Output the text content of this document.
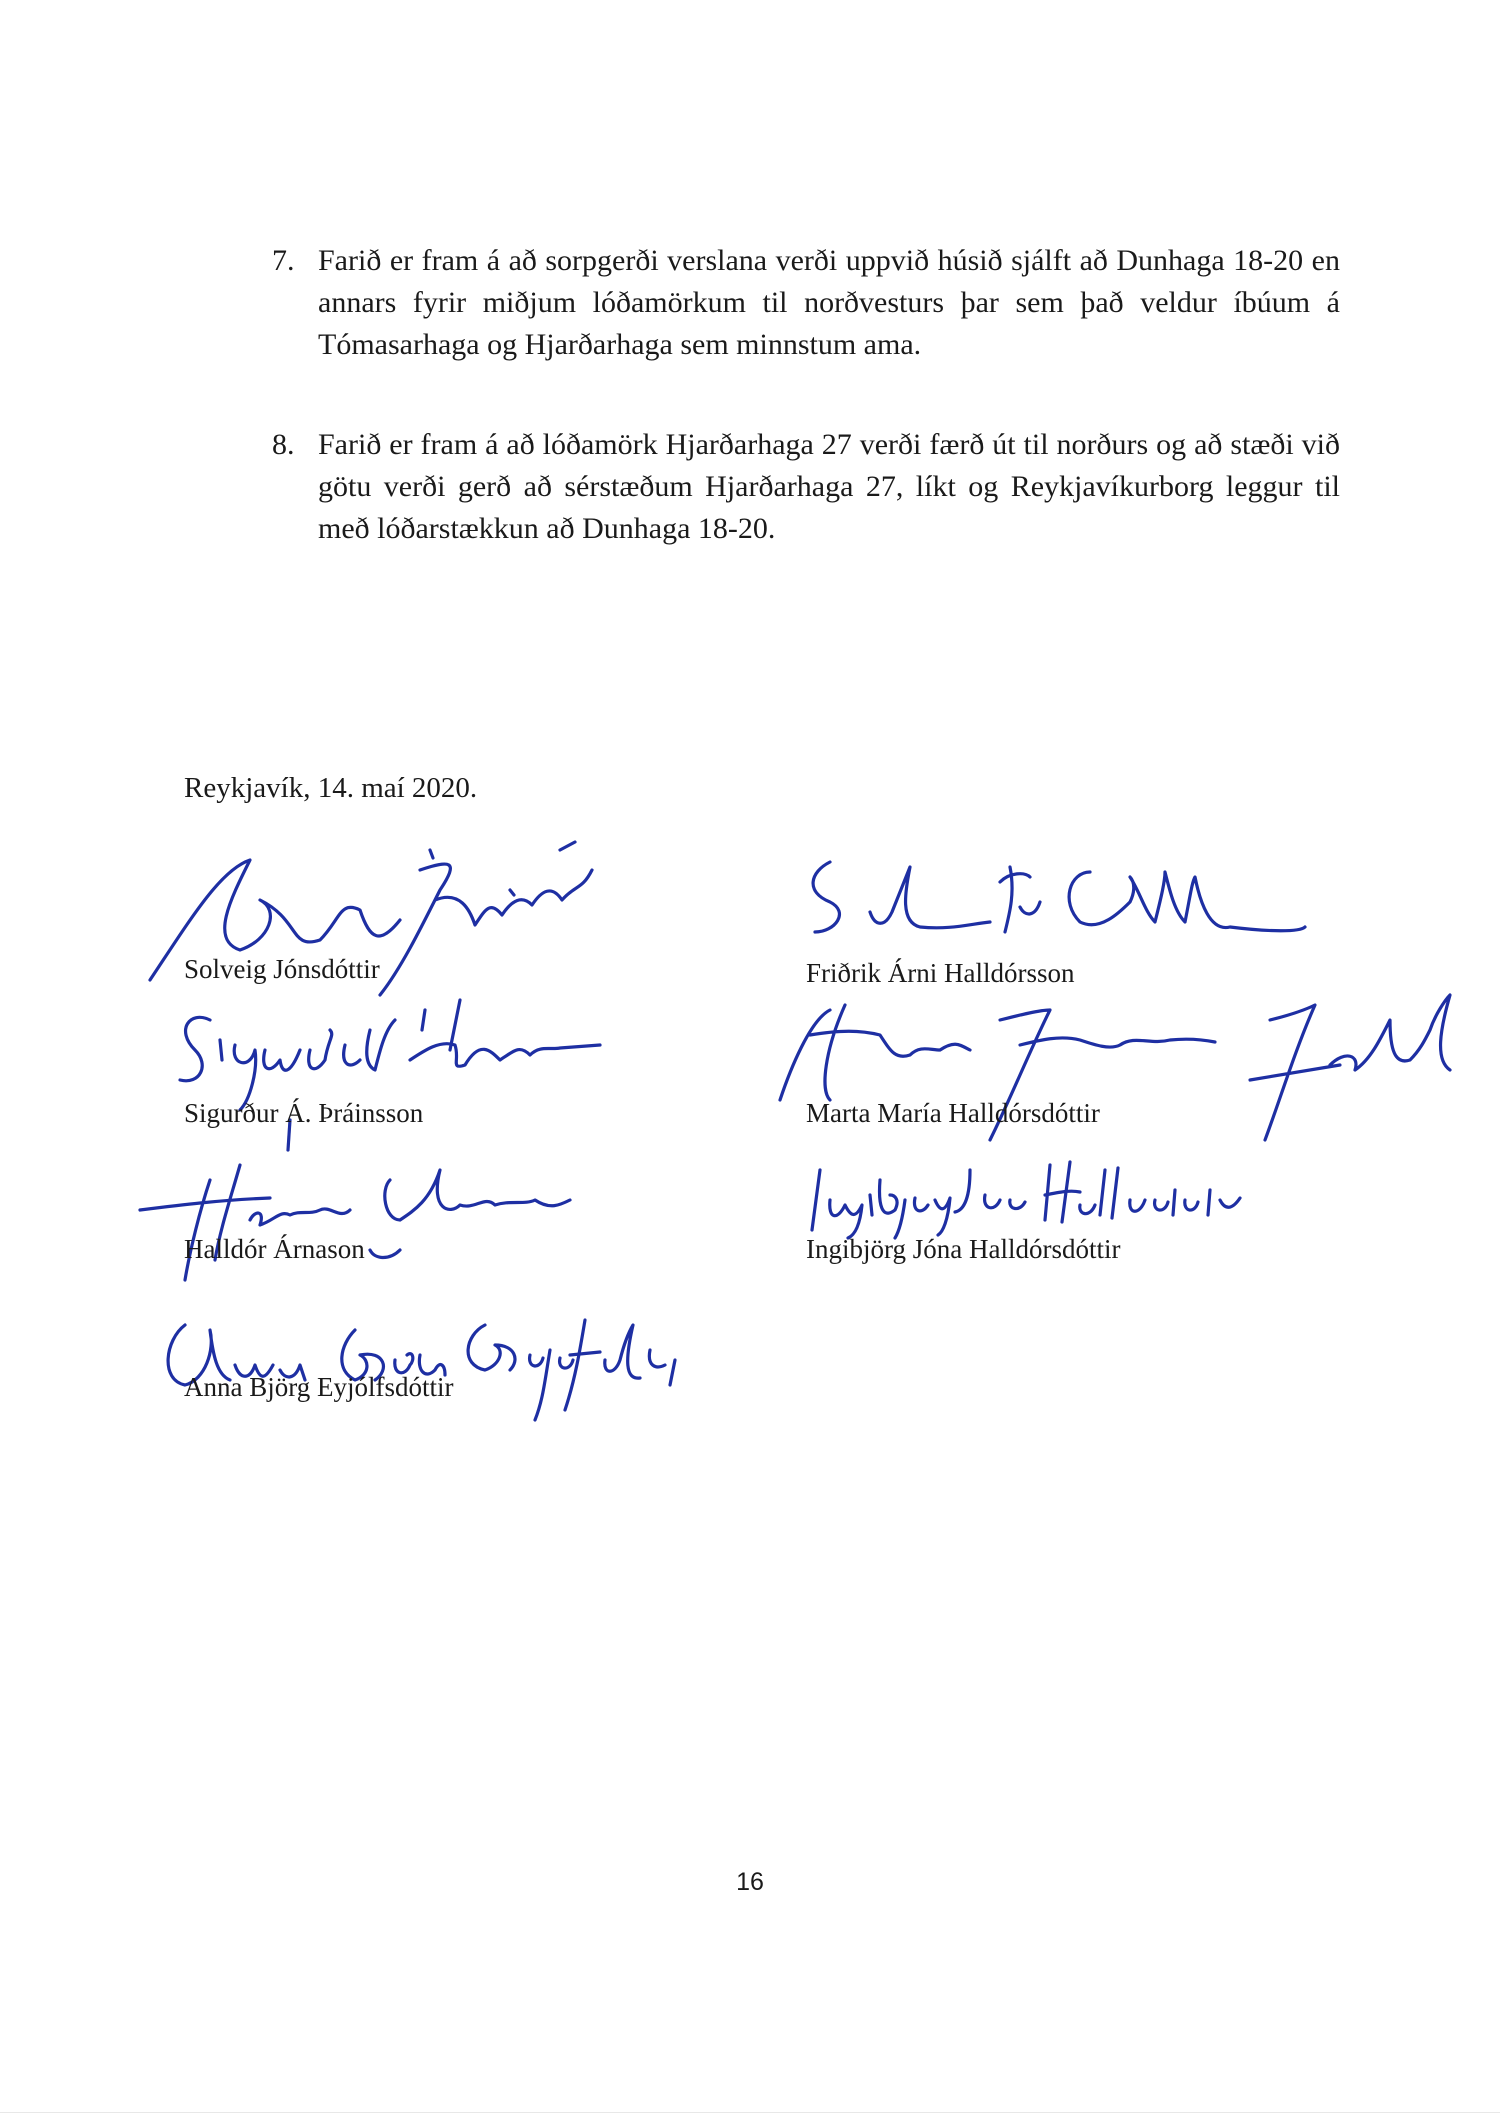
7. Farið er fram á að sorpgerði verslana verði uppvið húsið sjálft að Dunhaga 18-20 en annars fyrir miðjum lóðamörkum til norðvesturs þar sem það veldur íbúum á Tómasarhaga og Hjarðarhaga sem minnstum ama.
8. Farið er fram á að lóðamörk Hjarðarhaga 27 verði færð út til norðurs og að stæði við götu verði gerð að sérstæðum Hjarðarhaga 27, líkt og Reykjavíkurborg leggur til með lóðarstækkun að Dunhaga 18-20.
Reykjavík, 14. maí 2020.
Solveig Jónsdóttir	Friðrik Árni Halldórsson
Sigurður Á. Þráinsson	Marta María Halldórsdóttir
Halldór Árnason	Ingibjörg Jóna Halldórsdóttir
Anna Björg Eyjólfsdóttir
16
